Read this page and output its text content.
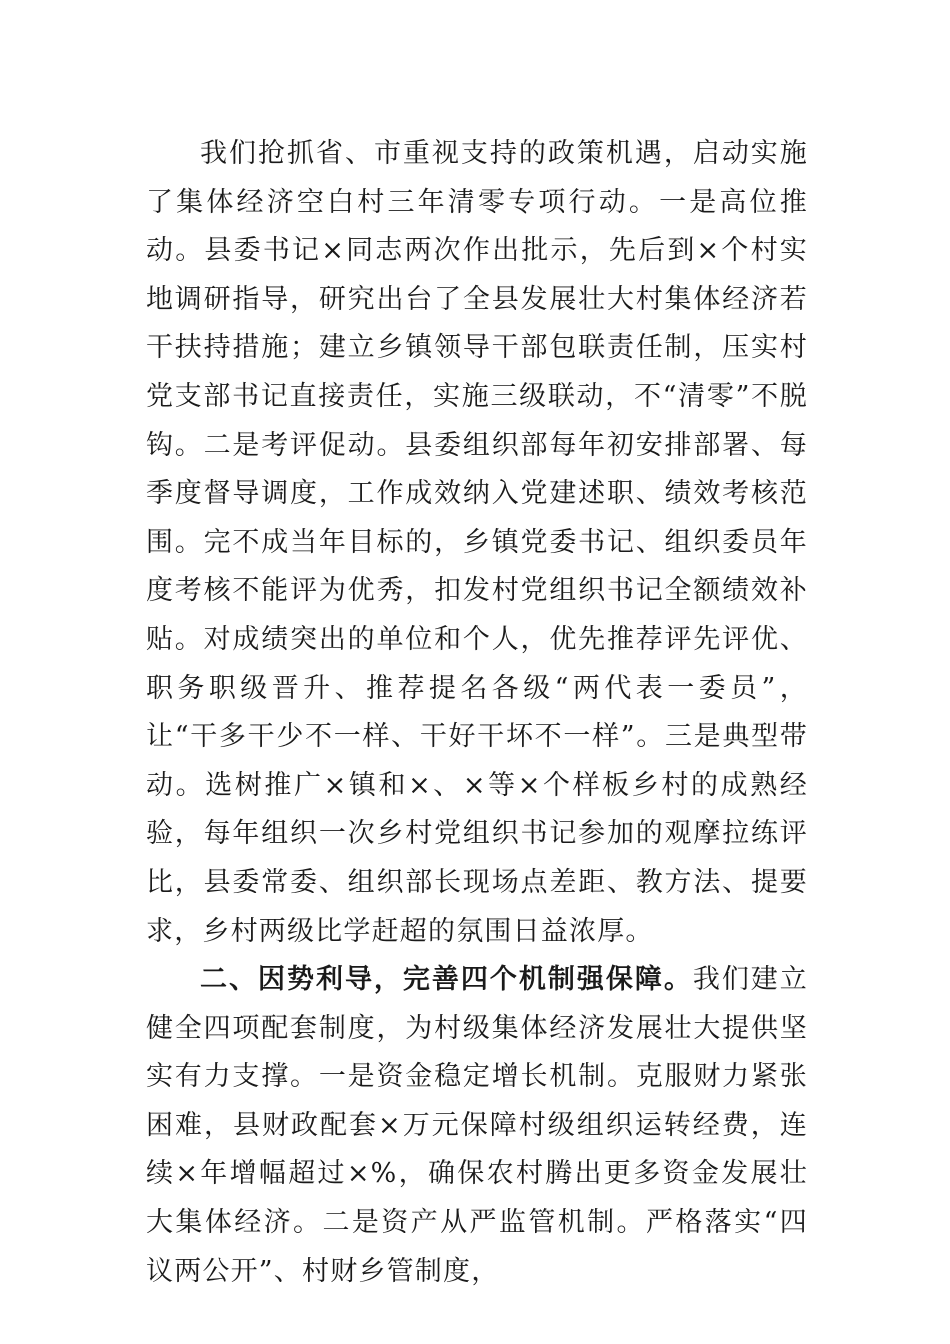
我们抢抓省、市重视支持的政策机遇，启动实施了集体经济空白村三年清零专项行动。一是高位推动。县委书记×同志两次作出批示，先后到×个村实地调研指导，研究出台了全县发展壮大村集体经济若干扶持措施；建立乡镇领导干部包联责任制，压实村党支部书记直接责任，实施三级联动，不“清零”不脱钩。二是考评促动。县委组织部每年初安排部署、每季度督导调度，工作成效纳入党建述职、绩效考核范围。完不成当年目标的，乡镇党委书记、组织委员年度考核不能评为优秀，扣发村党组织书记全额绩效补贴。对成绩突出的单位和个人，优先推荐评先评优、职务职级晋升、推荐提名各级“两代表一委员”，让“干多干少不一样、干好干坏不一样”。三是典型带动。选树推广×镇和×、×等×个样板乡村的成熟经验，每年组织一次乡村党组织书记参加的观摩拉练评比，县委常委、组织部长现场点差距、教方法、提要求，乡村两级比学赶超的氛围日益浓厚。

二、因势利导，完善四个机制强保障。我们建立健全四项配套制度，为村级集体经济发展壮大提供坚实有力支撑。一是资金稳定增长机制。克服财力紧张困难，县财政配套×万元保障村级组织运转经费，连续×年增幅超过×%，确保农村腾出更多资金发展壮大集体经济。二是资产从严监管机制。严格落实“四议两公开”、村财乡管制度，
